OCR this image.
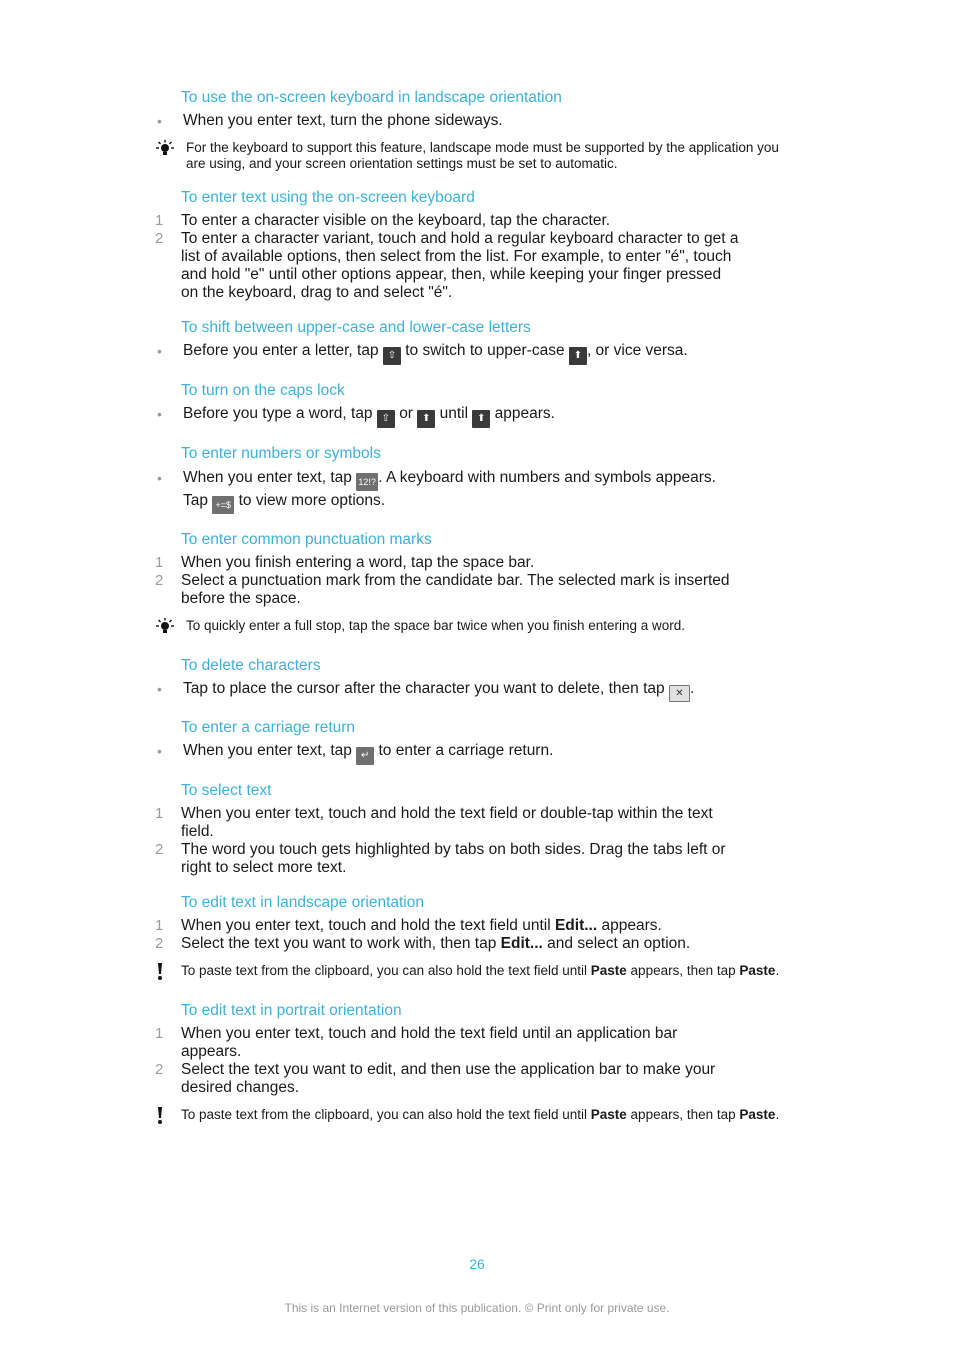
To use the on-screen keyboard in landscape orientation
•	When you enter text, turn the phone sideways.
For the keyboard to support this feature, landscape mode must be supported by the application you are using, and your screen orientation settings must be set to automatic.
To enter text using the on-screen keyboard
1	To enter a character visible on the keyboard, tap the character.
2	To enter a character variant, touch and hold a regular keyboard character to get a list of available options, then select from the list. For example, to enter "é", touch and hold "e" until other options appear, then, while keeping your finger pressed on the keyboard, drag to and select "é".
To shift between upper-case and lower-case letters
•	Before you enter a letter, tap ⇧ to switch to upper-case ⬆ , or vice versa.
To turn on the caps lock
•	Before you type a word, tap ⇧ or ⬆ until ⬆ appears.
To enter numbers or symbols
•	When you enter text, tap 12!? . A keyboard with numbers and symbols appears.
Tap +=$ to view more options.
To enter common punctuation marks
1	When you finish entering a word, tap the space bar.
2	Select a punctuation mark from the candidate bar. The selected mark is inserted before the space.
To quickly enter a full stop, tap the space bar twice when you finish entering a word.
To delete characters
•	Tap to place the cursor after the character you want to delete, then tap ✕ .
To enter a carriage return
•	When you enter text, tap ↵ to enter a carriage return.
To select text
1	When you enter text, touch and hold the text field or double-tap within the text field.
2	The word you touch gets highlighted by tabs on both sides. Drag the tabs left or right to select more text.
To edit text in landscape orientation
1	When you enter text, touch and hold the text field until Edit... appears.
2	Select the text you want to work with, then tap Edit... and select an option.
To paste text from the clipboard, you can also hold the text field until Paste appears, then tap Paste.
To edit text in portrait orientation
1	When you enter text, touch and hold the text field until an application bar appears.
2	Select the text you want to edit, and then use the application bar to make your desired changes.
To paste text from the clipboard, you can also hold the text field until Paste appears, then tap Paste.
26
This is an Internet version of this publication. © Print only for private use.
